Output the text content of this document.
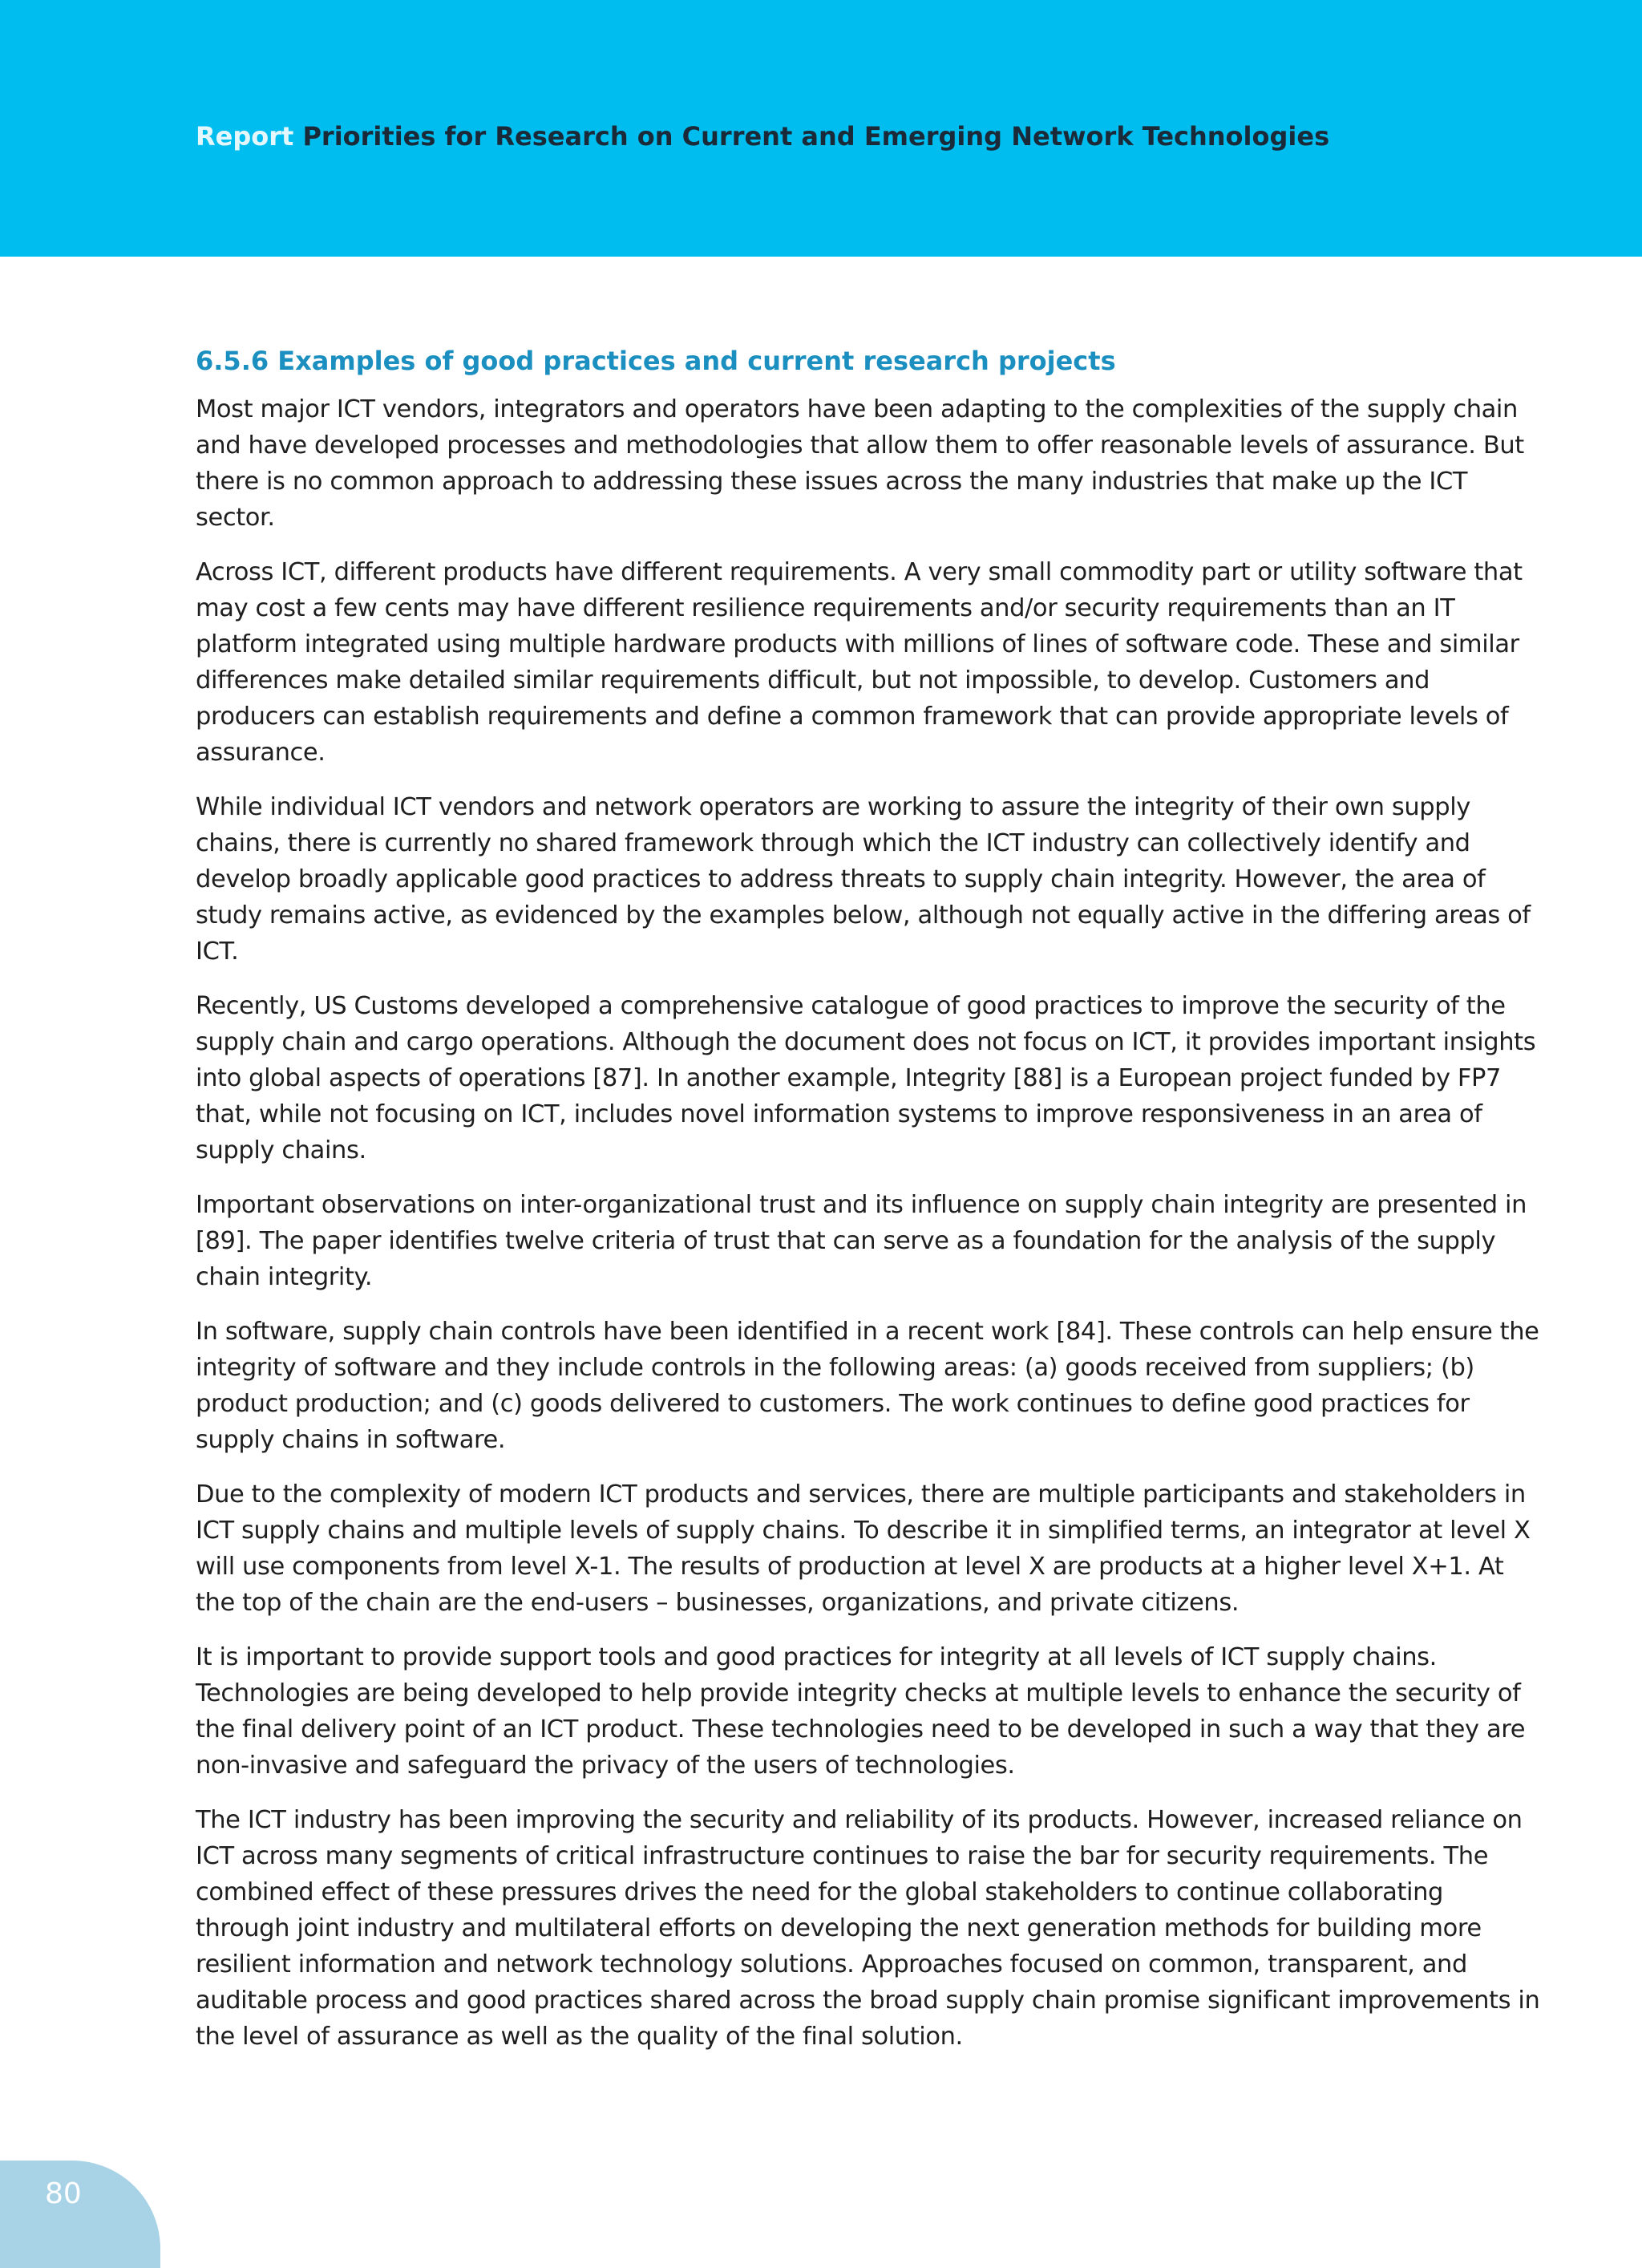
Report Priorities for Research on Current and Emerging Network Technologies
6.5.6 Examples of good practices and current research projects

Most major ICT vendors, integrators and operators have been adapting to the complexities of the supply chain and have developed processes and methodologies that allow them to offer reasonable levels of assurance. But there is no common approach to addressing these issues across the many industries that make up the ICT sector.

Across ICT, different products have different requirements. A very small commodity part or utility software that may cost a few cents may have different resilience requirements and/or security requirements than an IT platform integrated using multiple hardware products with millions of lines of software code. These and similar differences make detailed similar requirements difficult, but not impossible, to develop. Customers and producers can establish requirements and define a common framework that can provide appropriate levels of assurance.

While individual ICT vendors and network operators are working to assure the integrity of their own supply chains, there is currently no shared framework through which the ICT industry can collectively identify and develop broadly applicable good practices to address threats to supply chain integrity. However, the area of study remains active, as evidenced by the examples below, although not equally active in the differing areas of ICT.

Recently, US Customs developed a comprehensive catalogue of good practices to improve the security of the supply chain and cargo operations. Although the document does not focus on ICT, it provides important insights into global aspects of operations [87]. In another example, Integrity [88] is a European project funded by FP7 that, while not focusing on ICT, includes novel information systems to improve responsiveness in an area of supply chains.

Important observations on inter-organizational trust and its influence on supply chain integrity are presented in [89]. The paper identifies twelve criteria of trust that can serve as a foundation for the analysis of the supply chain integrity.

In software, supply chain controls have been identified in a recent work [84]. These controls can help ensure the integrity of software and they include controls in the following areas: (a) goods received from suppliers; (b) product production; and (c) goods delivered to customers. The work continues to define good practices for supply chains in software.

Due to the complexity of modern ICT products and services, there are multiple participants and stakeholders in ICT supply chains and multiple levels of supply chains. To describe it in simplified terms, an integrator at level X will use components from level X-1. The results of production at level X are products at a higher level X+1. At the top of the chain are the end-users – businesses, organizations, and private citizens.

It is important to provide support tools and good practices for integrity at all levels of ICT supply chains. Technologies are being developed to help provide integrity checks at multiple levels to enhance the security of the final delivery point of an ICT product. These technologies need to be developed in such a way that they are non-invasive and safeguard the privacy of the users of technologies.

The ICT industry has been improving the security and reliability of its products. However, increased reliance on ICT across many segments of critical infrastructure continues to raise the bar for security requirements. The combined effect of these pressures drives the need for the global stakeholders to continue collaborating through joint industry and multilateral efforts on developing the next generation methods for building more resilient information and network technology solutions. Approaches focused on common, transparent, and auditable process and good practices shared across the broad supply chain promise significant improvements in the level of assurance as well as the quality of the final solution.

80
